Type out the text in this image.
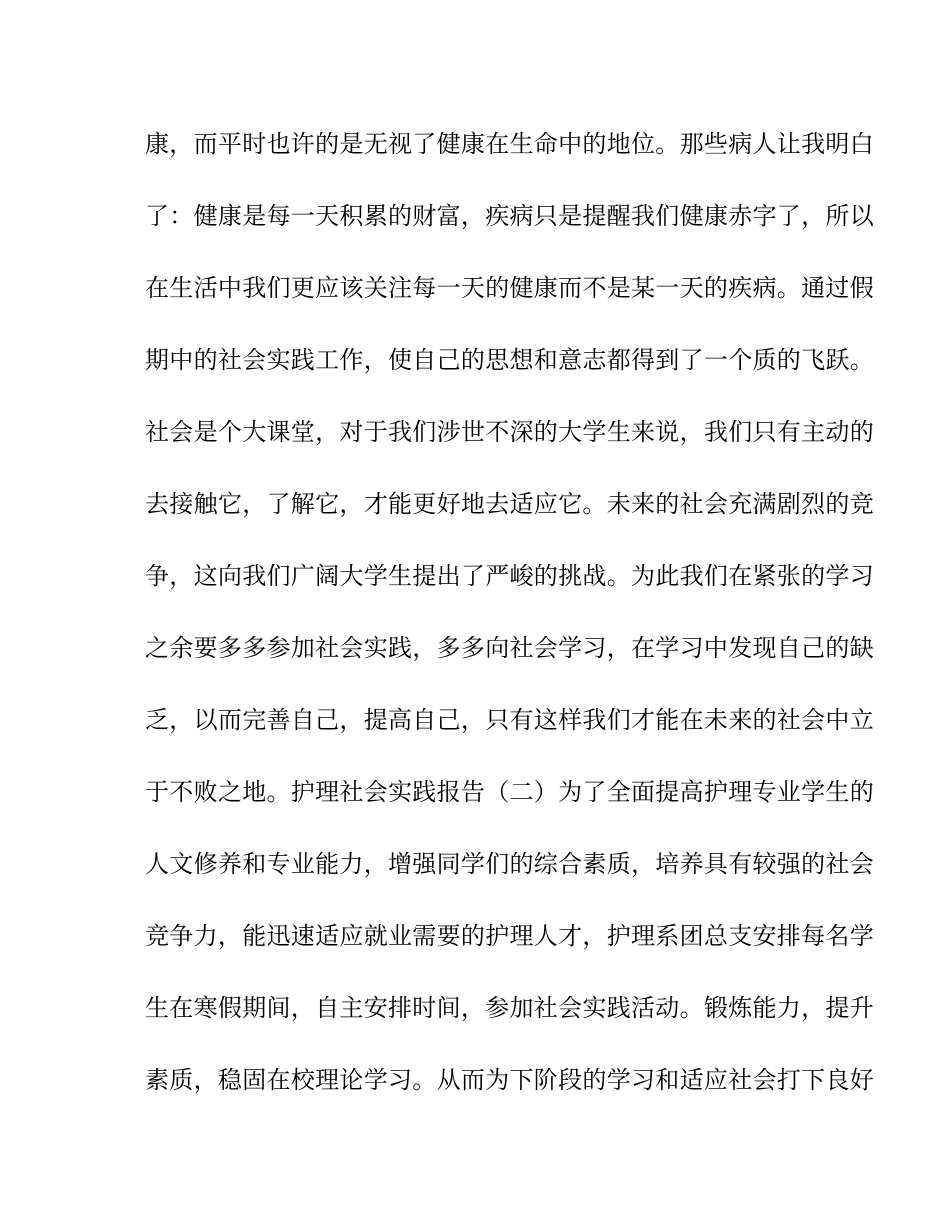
康，而平时也许的是无视了健康在生命中的地位。那些病人让我明白
了：健康是每一天积累的财富，疾病只是提醒我们健康赤字了，所以
在生活中我们更应该关注每一天的健康而不是某一天的疾病。通过假
期中的社会实践工作，使自己的思想和意志都得到了一个质的飞跃。
社会是个大课堂，对于我们涉世不深的大学生来说，我们只有主动的
去接触它，了解它，才能更好地去适应它。未来的社会充满剧烈的竞
争，这向我们广阔大学生提出了严峻的挑战。为此我们在紧张的学习
之余要多多参加社会实践，多多向社会学习，在学习中发现自己的缺
乏，以而完善自己，提高自己，只有这样我们才能在未来的社会中立
于不败之地。护理社会实践报告（二）为了全面提高护理专业学生的
人文修养和专业能力，增强同学们的综合素质，培养具有较强的社会
竞争力，能迅速适应就业需要的护理人才，护理系团总支安排每名学
生在寒假期间，自主安排时间，参加社会实践活动。锻炼能力，提升
素质，稳固在校理论学习。从而为下阶段的学习和适应社会打下良好
